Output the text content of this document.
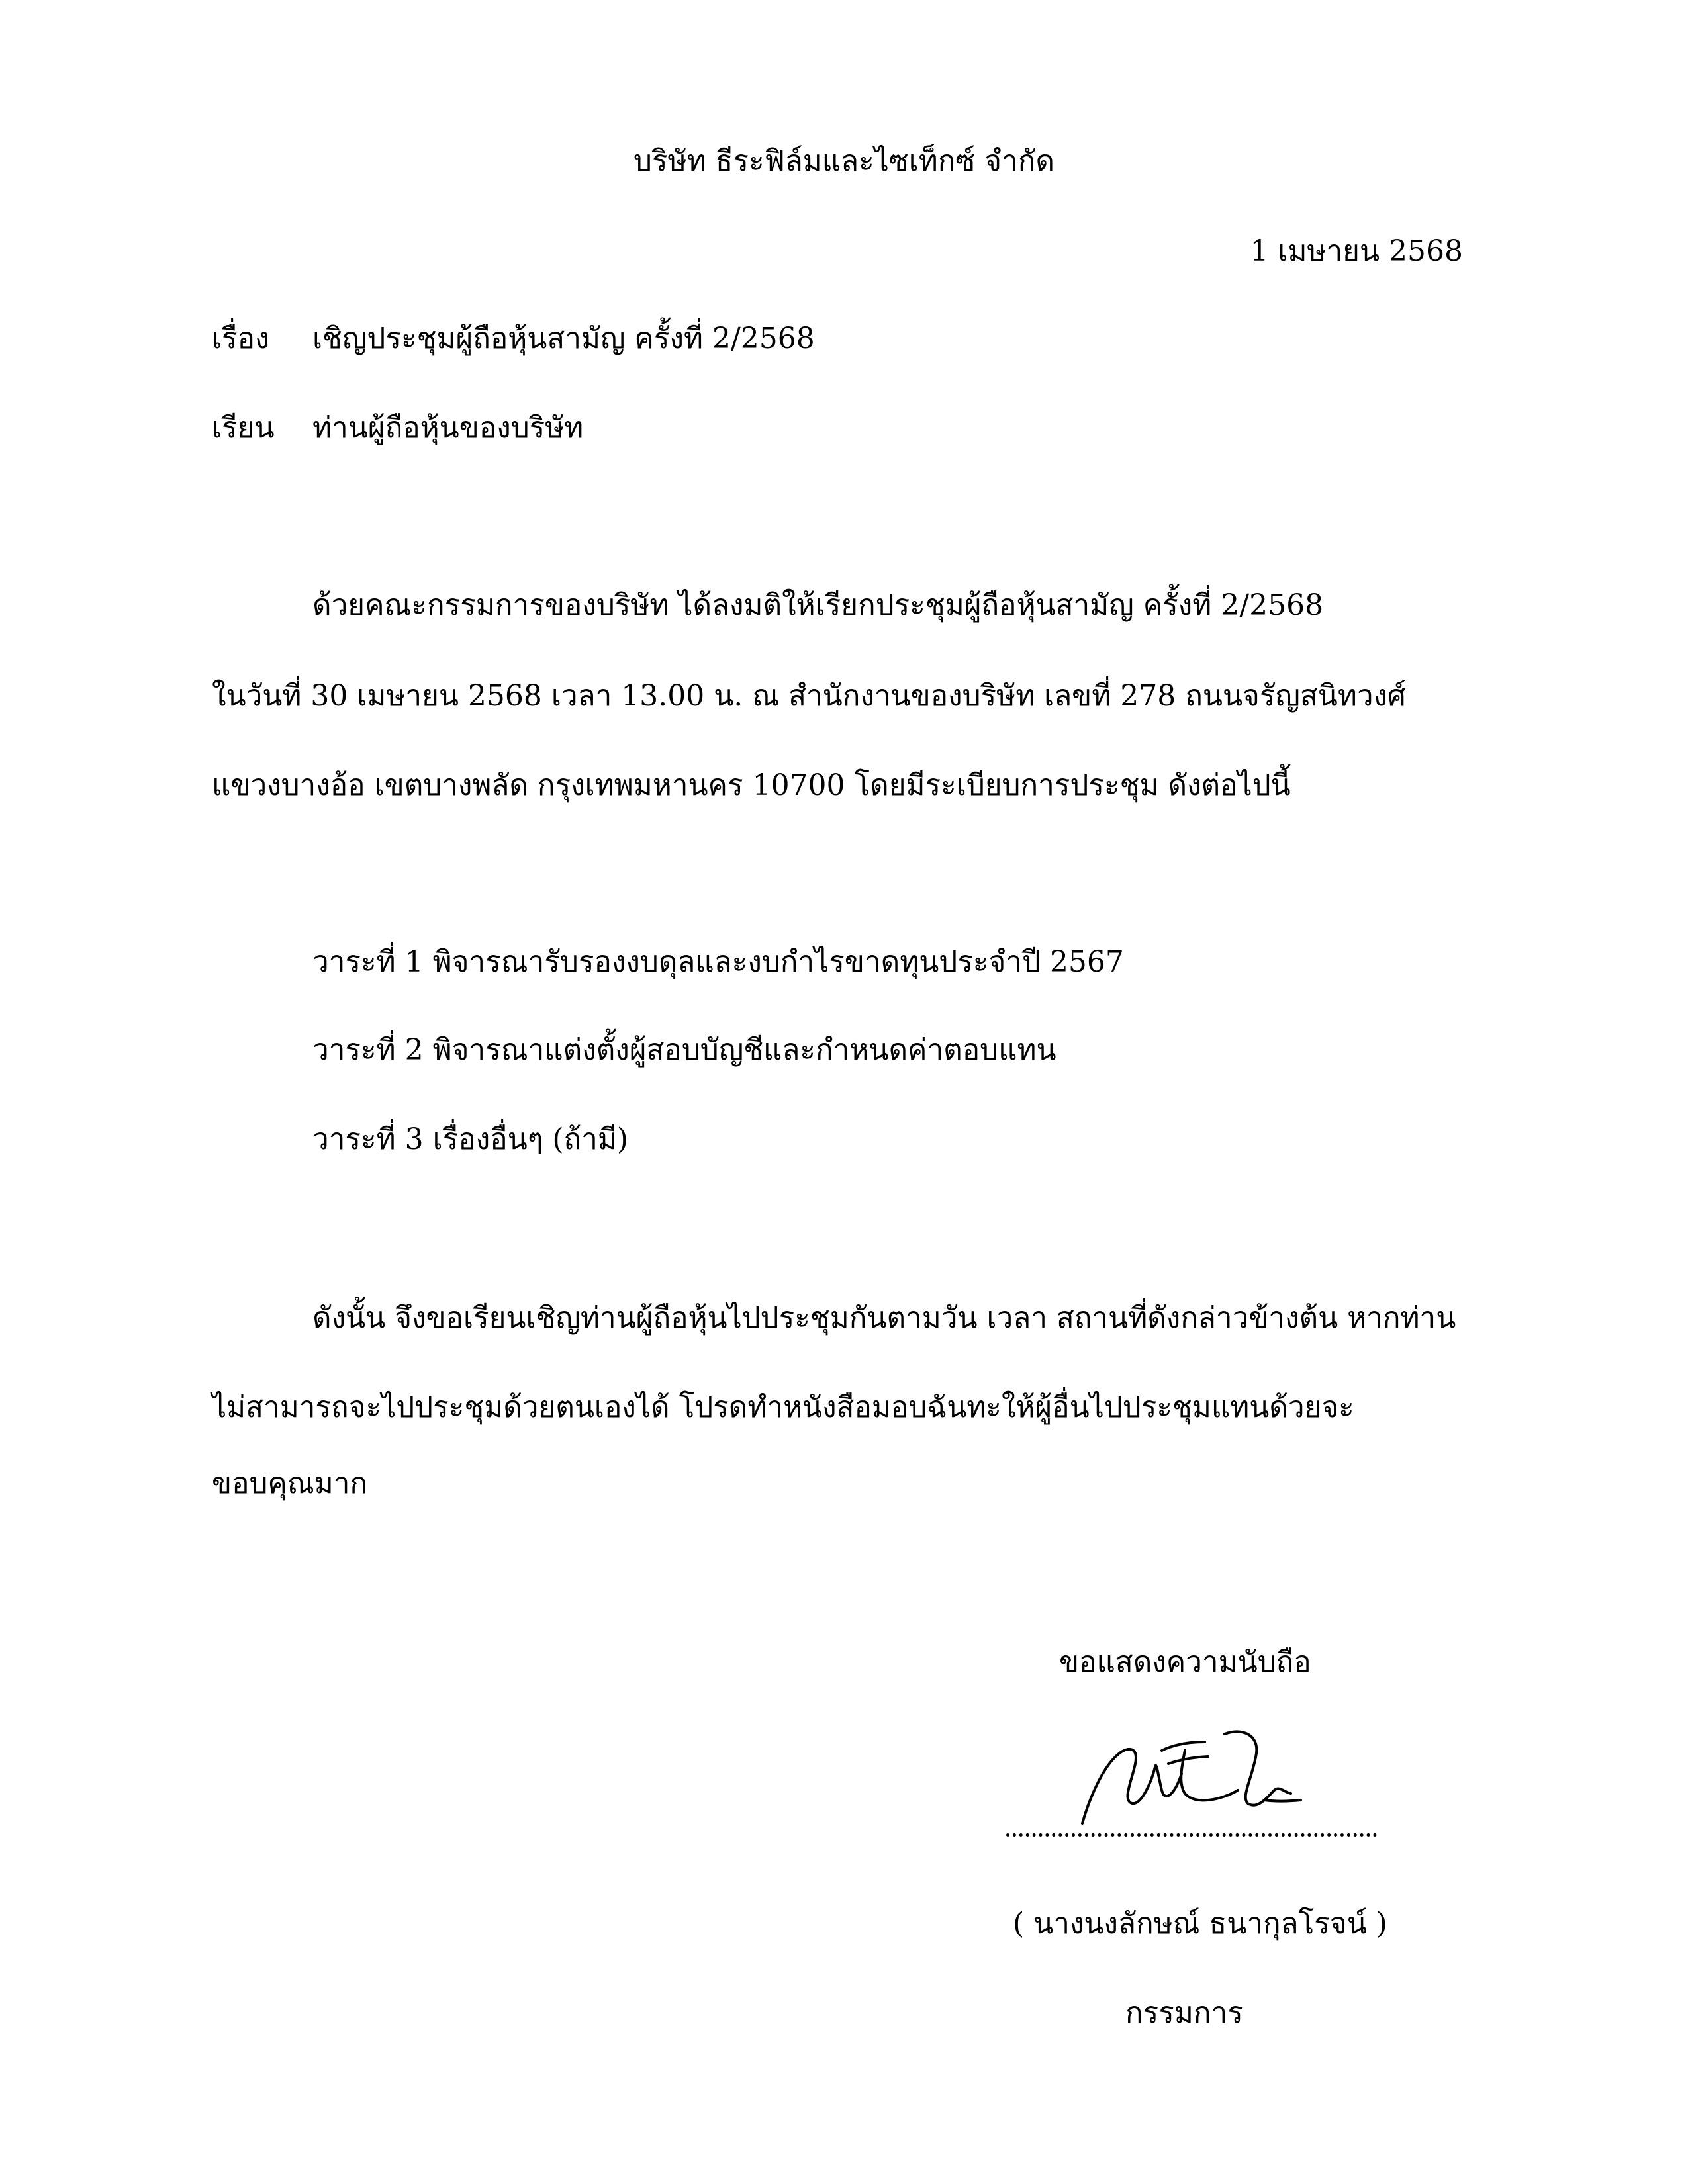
บริษัท ธีระฟิล์มและไซเท็กซ์ จำกัด
1 เมษายน 2568
เรื่อง เชิญประชุมผู้ถือหุ้นสามัญ ครั้งที่ 2/2568
เรียน ท่านผู้ถือหุ้นของบริษัท
ด้วยคณะกรรมการของบริษัท ได้ลงมติให้เรียกประชุมผู้ถือหุ้นสามัญ ครั้งที่ 2/2568
ในวันที่ 30 เมษายน 2568 เวลา 13.00 น. ณ สำนักงานของบริษัท เลขที่ 278 ถนนจรัญสนิทวงศ์
แขวงบางอ้อ เขตบางพลัด กรุงเทพมหานคร 10700 โดยมีระเบียบการประชุม ดังต่อไปนี้
วาระที่ 1 พิจารณารับรองงบดุลและงบกำไรขาดทุนประจำปี 2567
วาระที่ 2 พิจารณาแต่งตั้งผู้สอบบัญชีและกำหนดค่าตอบแทน
วาระที่ 3 เรื่องอื่นๆ (ถ้ามี)
ดังนั้น จึงขอเรียนเชิญท่านผู้ถือหุ้นไปประชุมกันตามวัน เวลา สถานที่ดังกล่าวข้างต้น หากท่าน
ไม่สามารถจะไปประชุมด้วยตนเองได้ โปรดทำหนังสือมอบฉันทะให้ผู้อื่นไปประชุมแทนด้วยจะ
ขอบคุณมาก
ขอแสดงความนับถือ
( นางนงลักษณ์ ธนากุลโรจน์ )
กรรมการ
